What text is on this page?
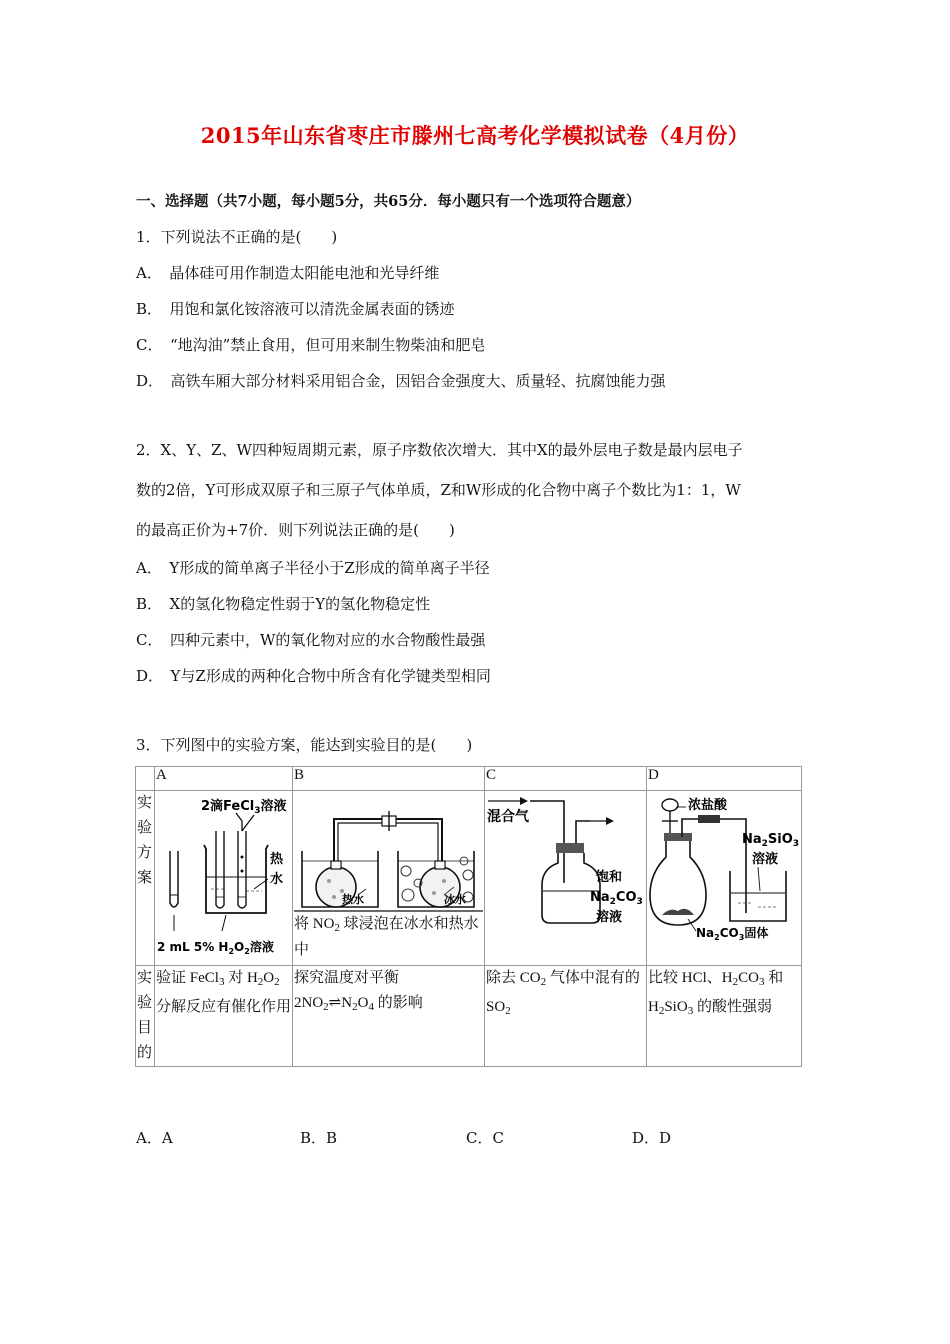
2015年山东省枣庄市滕州七高考化学模拟试卷（4月份）
一、选择题（共7小题，每小题5分，共65分．每小题只有一个选项符合题意）
1．下列说法不正确的是(　　)
A．　晶体硅可用作制造太阳能电池和光导纤维
B．　用饱和氯化铵溶液可以清洗金属表面的锈迹
C．　“地沟油”禁止食用，但可用来制生物柴油和肥皂
D．　高铁车厢大部分材料采用铝合金，因铝合金强度大、质量轻、抗腐蚀能力强
2．X、Y、Z、W四种短周期元素，原子序数依次增大．其中X的最外层电子数是最内层电子
数的2倍，Y可形成双原子和三原子气体单质，Z和W形成的化合物中离子个数比为1：1，W
的最高正价为+7价．则下列说法正确的是(　　)
A．　Y形成的简单离子半径小于Z形成的简单离子半径
B．　X的氢化物稳定性弱于Y的氢化物稳定性
C．　四种元素中，W的氧化物对应的水合物酸性最强
D．　Y与Z形成的两种化合物中所含有化学键类型相同
3．下列图中的实验方案，能达到实验目的是(　　)
	A	B	C	D
实验方案	2滴FeCl$_3$溶液
热
水
2 mL 5% $H_2O_2$溶液	热水 冰水
将 $NO_2$ 球浸泡在冰水和热水中	混合气
饱和
$Na_2CO_3$
溶液	浓盐酸
$Na_2SiO_3$
溶液
$Na_2CO_3$固体

实验目的	验证 FeCl$_3$ 对 $H_2O_2$分解反应有催化作用	探究温度对平衡
$2NO_2\rightleftharpoons N_2O_4$ 的影响	除去 $CO_2$ 气体中混有的 $SO_2$	比较 HCl、$H_2CO_3$ 和
$H_2SiO_3$ 的酸性强弱
A．A	B．B	C．C	D．D
